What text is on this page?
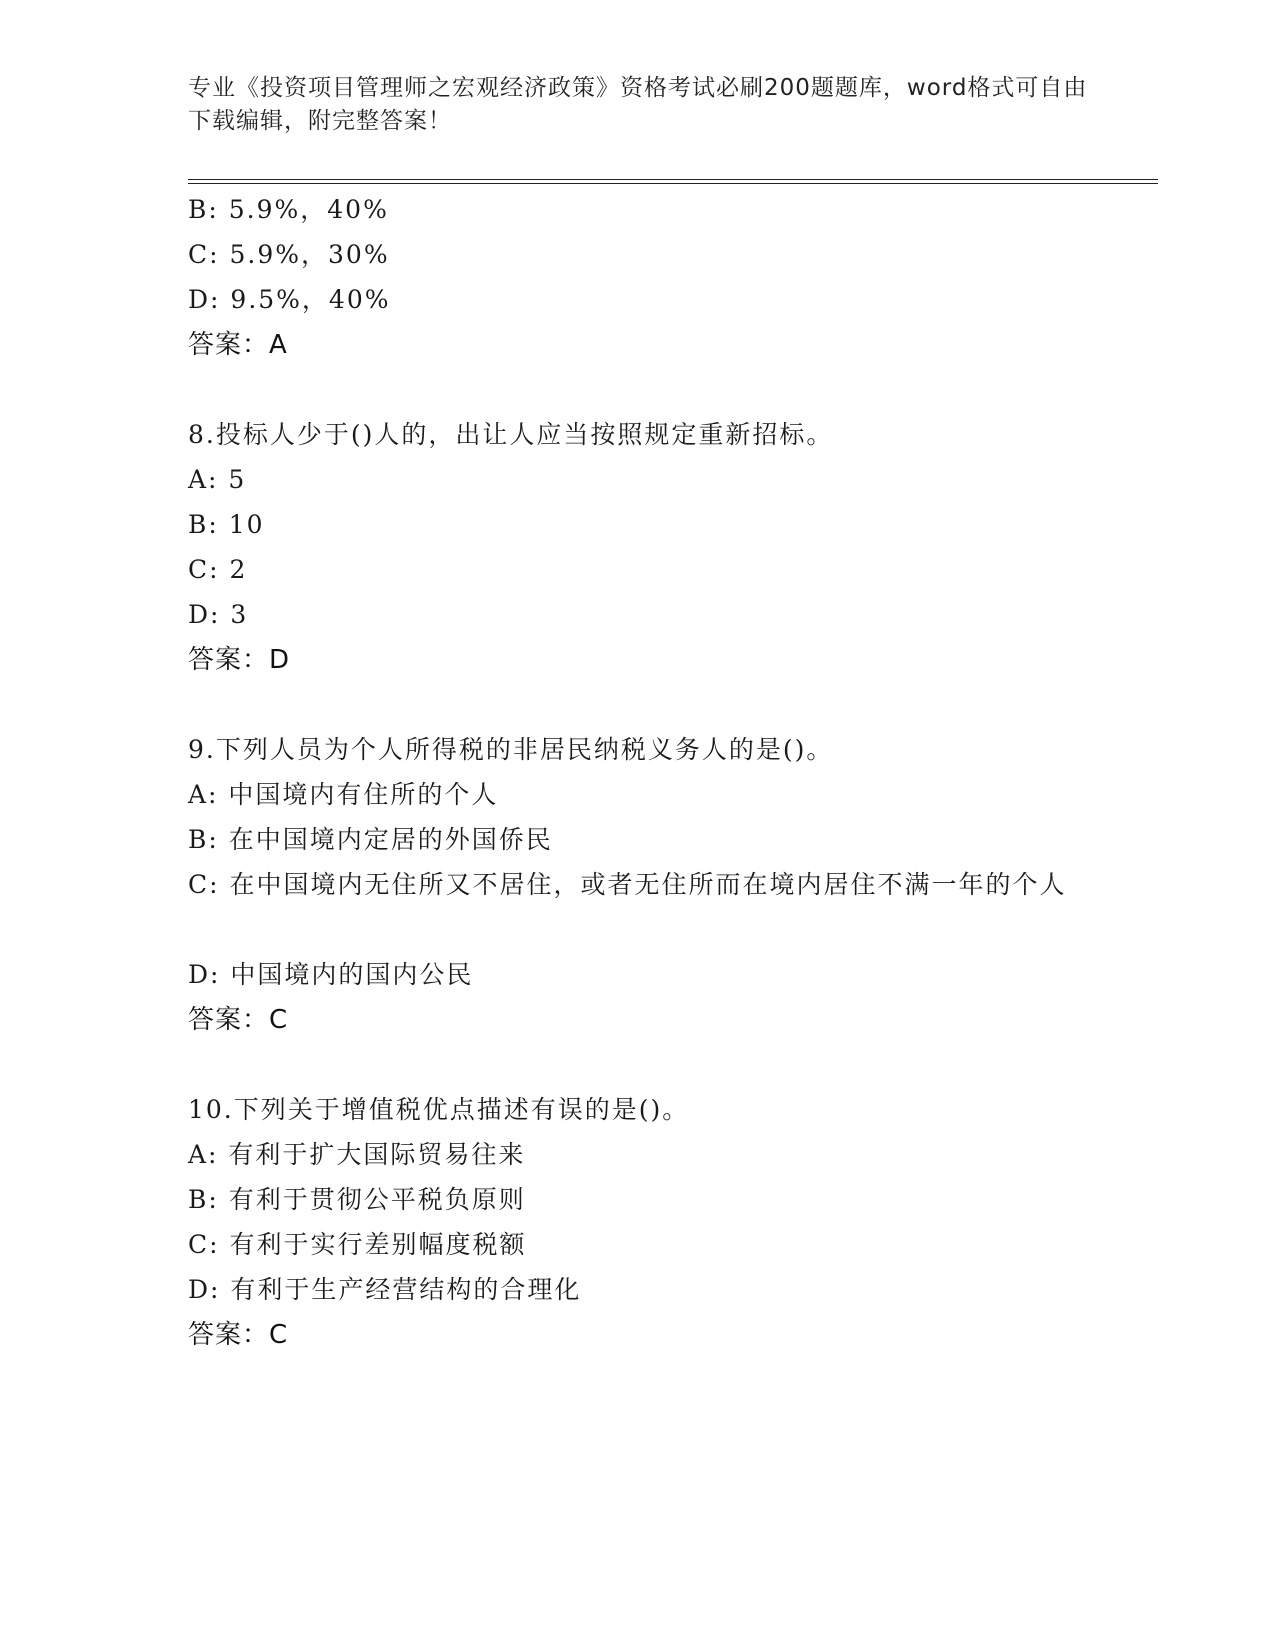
专业《投资项目管理师之宏观经济政策》资格考试必刷200题题库，word格式可自由下载编辑，附完整答案！
B: 5.9%，40%
C: 5.9%，30%
D: 9.5%，40%
答案：A
8.投标人少于()人的，出让人应当按照规定重新招标。
A: 5
B: 10
C: 2
D: 3
答案：D
9.下列人员为个人所得税的非居民纳税义务人的是()。
A: 中国境内有住所的个人
B: 在中国境内定居的外国侨民
C: 在中国境内无住所又不居住，或者无住所而在境内居住不满一年的个人
D: 中国境内的国内公民
答案：C
10.下列关于增值税优点描述有误的是()。
A: 有利于扩大国际贸易往来
B: 有利于贯彻公平税负原则
C: 有利于实行差别幅度税额
D: 有利于生产经营结构的合理化
答案：C
